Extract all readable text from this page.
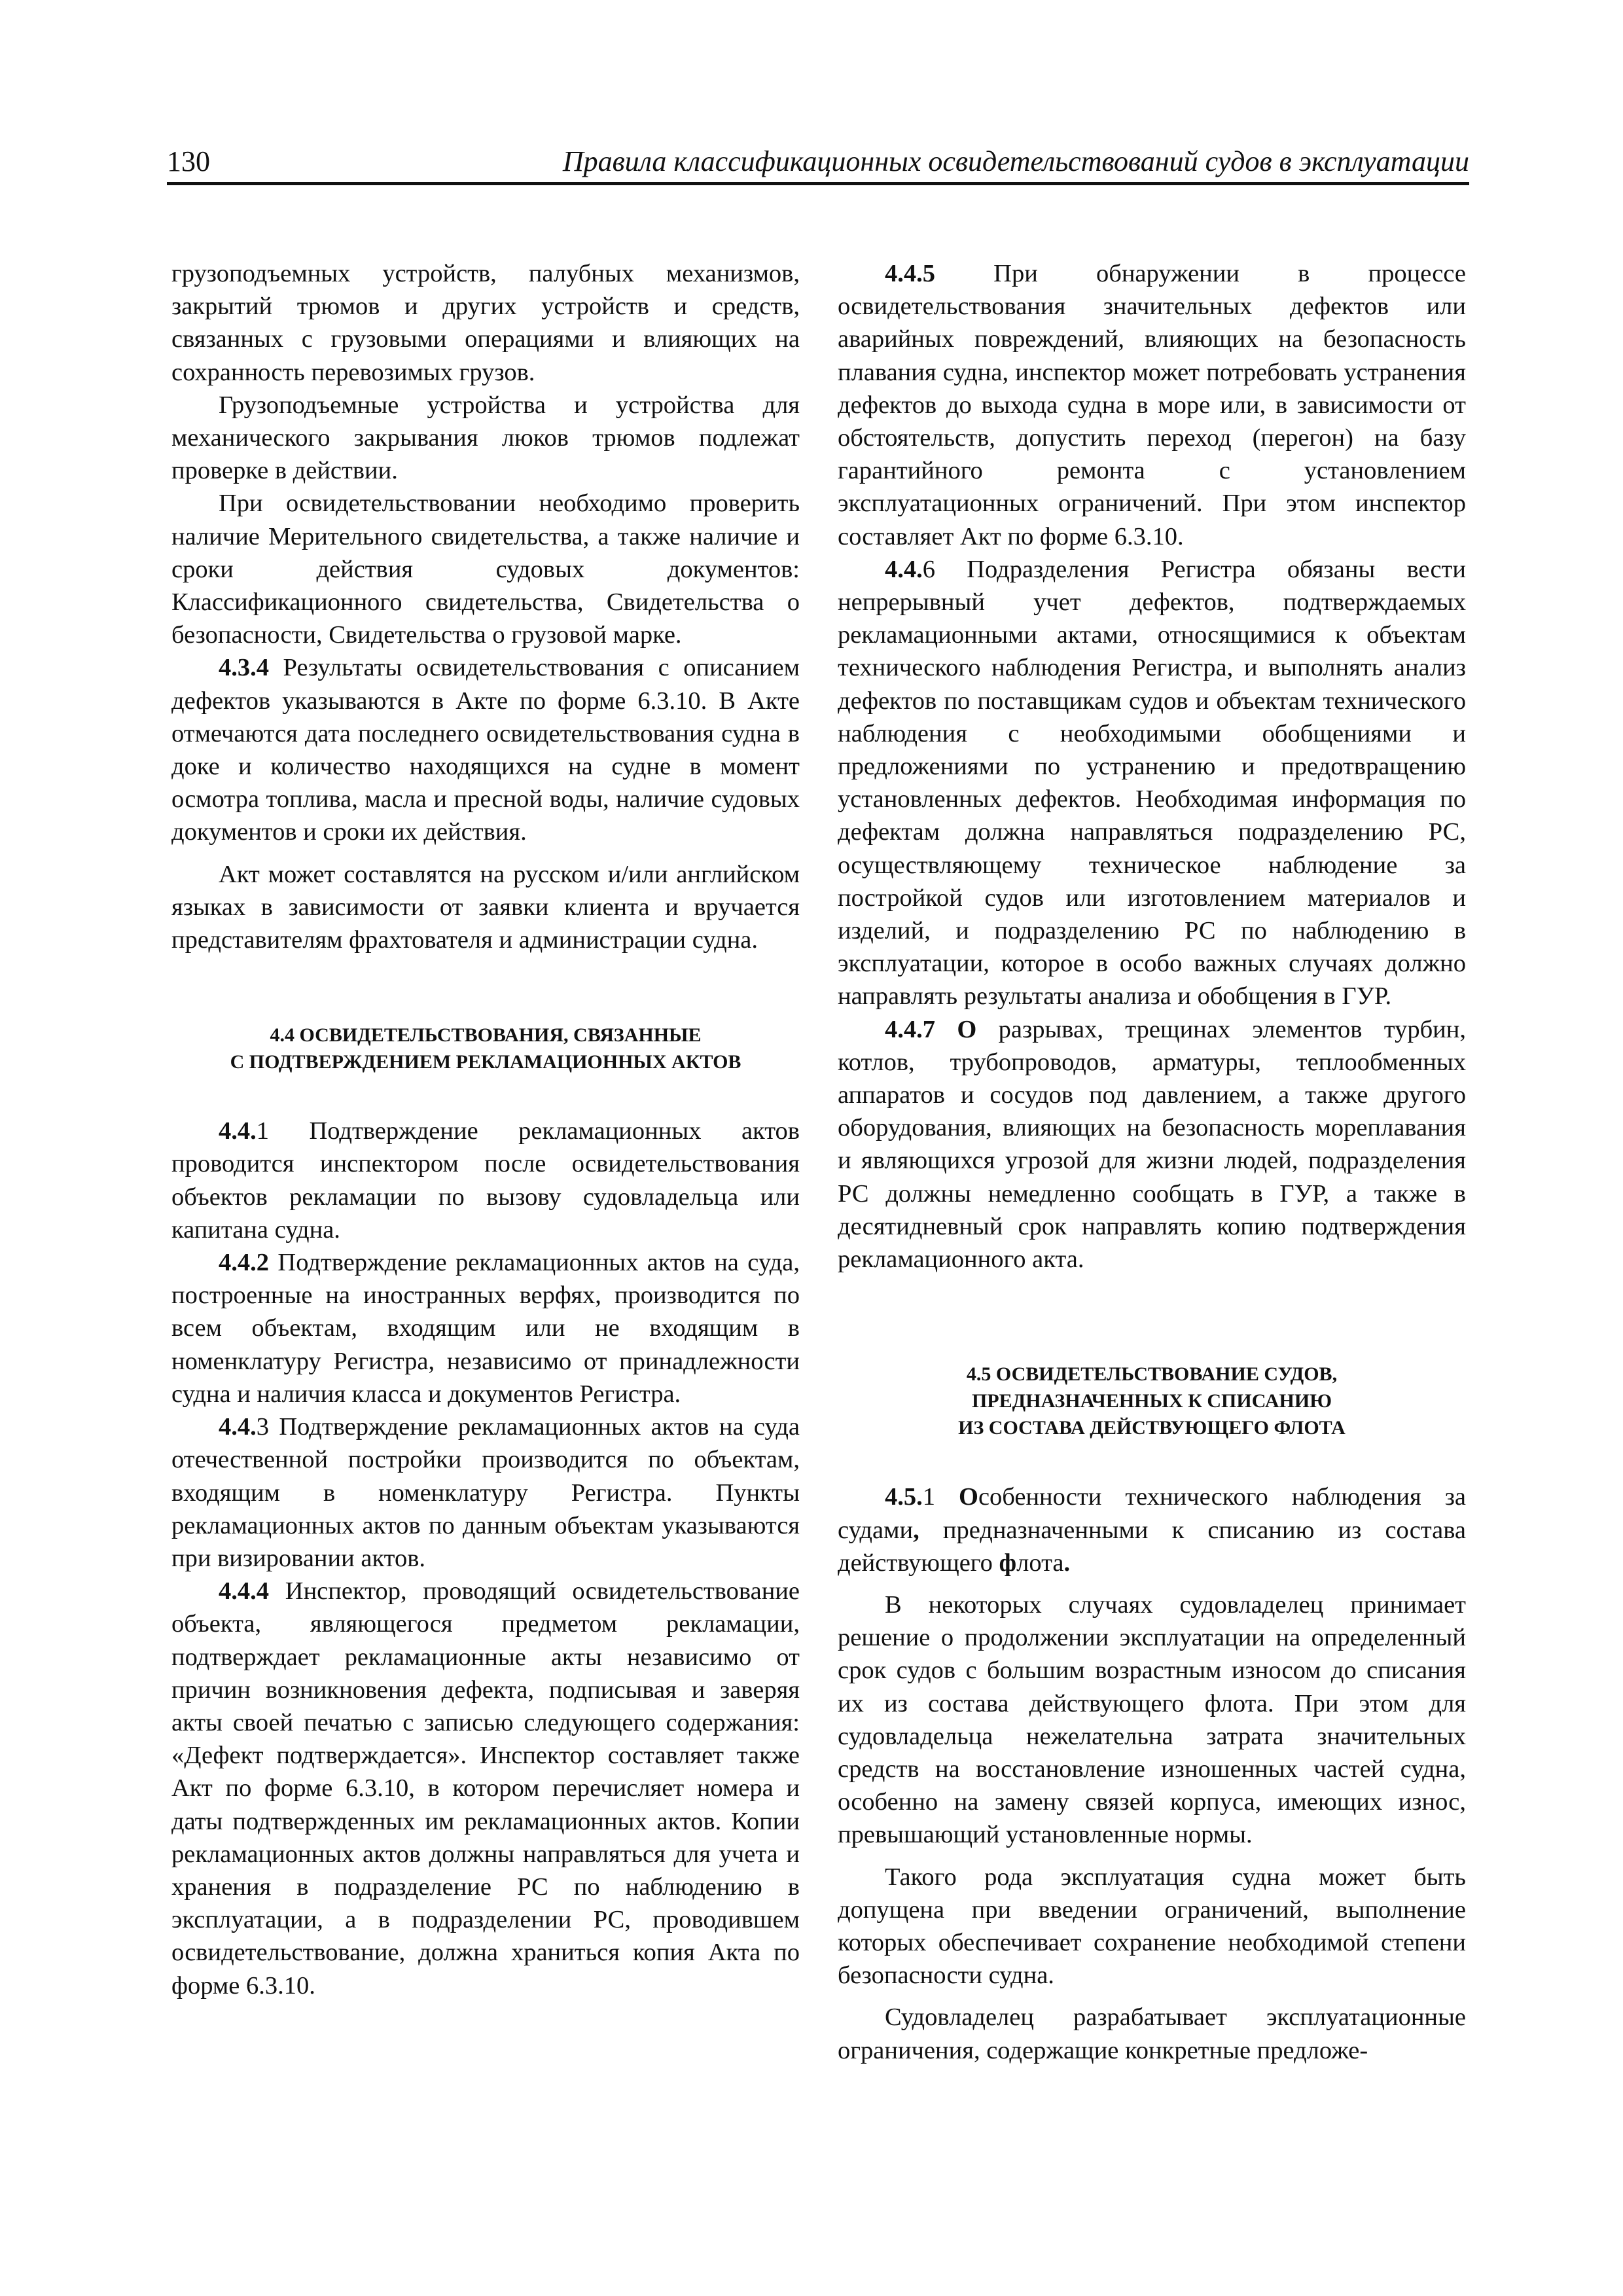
130	Правила классификационных освидетельствований судов в эксплуатации

грузоподъемных устройств, палубных механизмов, закрытий трюмов и других устройств и средств, связанных с грузовыми операциями и влияющих на сохранность перевозимых грузов.

Грузоподъемные устройства и устройства для механического закрывания люков трюмов подлежат проверке в действии.

При освидетельствовании необходимо проверить наличие Мерительного свидетельства, а также наличие и сроки действия судовых документов: Классификационного свидетельства, Свидетельства о безопасности, Свидетельства о грузовой марке.

4.3.4 Результаты освидетельствования с описанием дефектов указываются в Акте по форме 6.3.10. В Акте отмечаются дата последнего освидетельствования судна в доке и количество находящихся на судне в момент осмотра топлива, масла и пресной воды, наличие судовых документов и сроки их действия.

Акт может составлятся на русском и/или английском языках в зависимости от заявки клиента и вручается представителям фрахтователя и администрации судна.

4.4 ОСВИДЕТЕЛЬСТВОВАНИЯ, СВЯЗАННЫЕ
С ПОДТВЕРЖДЕНИЕМ РЕКЛАМАЦИОННЫХ АКТОВ

4.4.1 Подтверждение рекламационных актов проводится инспектором после освидетельствования объектов рекламации по вызову судовладельца или капитана судна.

4.4.2 Подтверждение рекламационных актов на суда, построенные на иностранных верфях, производится по всем объектам, входящим или не входящим в номенклатуру Регистра, независимо от принадлежности судна и наличия класса и документов Регистра.

4.4.3 Подтверждение рекламационных актов на суда отечественной постройки производится по объектам, входящим в номенклатуру Регистра. Пункты рекламационных актов по данным объектам указываются при визировании актов.

4.4.4 Инспектор, проводящий освидетельствование объекта, являющегося предметом рекламации, подтверждает рекламационные акты независимо от причин возникновения дефекта, подписывая и заверяя акты своей печатью с записью следующего содержания: «Дефект подтверждается». Инспектор составляет также Акт по форме 6.3.10, в котором перечисляет номера и даты подтвержденных им рекламационных актов. Копии рекламационных актов должны направляться для учета и хранения в подразделение РС по наблюдению в эксплуатации, а в подразделении РС, проводившем освидетельствование, должна храниться копия Акта по форме 6.3.10.

4.4.5 При обнаружении в процессе освидетельствования значительных дефектов или аварийных повреждений, влияющих на безопасность плавания судна, инспектор может потребовать устранения дефектов до выхода судна в море или, в зависимости от обстоятельств, допустить переход (перегон) на базу гарантийного ремонта с установлением эксплуатационных ограничений. При этом инспектор составляет Акт по форме 6.3.10.

4.4.6 Подразделения Регистра обязаны вести непрерывный учет дефектов, подтверждаемых рекламационными актами, относящимися к объектам технического наблюдения Регистра, и выполнять анализ дефектов по поставщикам судов и объектам технического наблюдения с необходимыми обобщениями и предложениями по устранению и предотвращению установленных дефектов. Необходимая информация по дефектам должна направляться подразделению РС, осуществляющему техническое наблюдение за постройкой судов или изготовлением материалов и изделий, и подразделению РС по наблюдению в эксплуатации, которое в особо важных случаях должно направлять результаты анализа и обобщения в ГУР.

4.4.7 О разрывах, трещинах элементов турбин, котлов, трубопроводов, арматуры, теплообменных аппаратов и сосудов под давлением, а также другого оборудования, влияющих на безопасность мореплавания и являющихся угрозой для жизни людей, подразделения РС должны немедленно сообщать в ГУР, а также в десятидневный срок направлять копию подтверждения рекламационного акта.

4.5 ОСВИДЕТЕЛЬСТВОВАНИЕ СУДОВ,
ПРЕДНАЗНАЧЕННЫХ К СПИСАНИЮ
ИЗ СОСТАВА ДЕЙСТВУЮЩЕГО ФЛОТА

4.5.1 Особенности технического наблюдения за судами, предназначенными к списанию из состава действующего флота.

В некоторых случаях судовладелец принимает решение о продолжении эксплуатации на определенный срок судов с большим возрастным износом до списания их из состава действующего флота. При этом для судовладельца нежелательна затрата значительных средств на восстановление изношенных частей судна, особенно на замену связей корпуса, имеющих износ, превышающий установленные нормы.

Такого рода эксплуатация судна может быть допущена при введении ограничений, выполнение которых обеспечивает сохранение необходимой степени безопасности судна.

Судовладелец разрабатывает эксплуатационные ограничения, содержащие конкретные предложе-
